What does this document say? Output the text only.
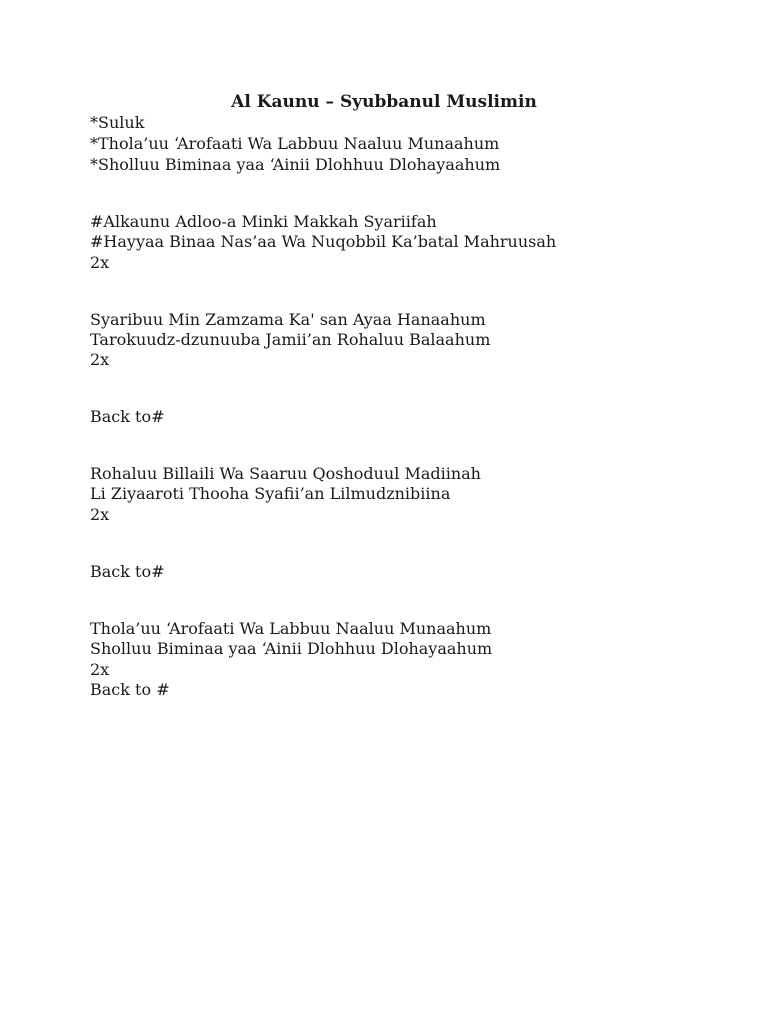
Al Kaunu – Syubbanul Muslimin

*Suluk

*Thola’uu ‘Arofaati Wa Labbuu Naaluu Munaahum

*Sholluu Biminaa yaa ‘Ainii Dlohhuu Dlohayaahum

#Alkaunu Adloo-a Minki Makkah Syariifah

#Hayyaa Binaa Nas’aa Wa Nuqobbil Ka’batal Mahruusah

2x

Syaribuu Min Zamzama Ka' san Ayaa Hanaahum

Tarokuudz-dzunuuba Jamii’an Rohaluu Balaahum

2x

Back to#

Rohaluu Billaili Wa Saaruu Qoshoduul Madiinah

Li Ziyaaroti Thooha Syafii’an Lilmudznibiina

2x

Back to#

Thola’uu ‘Arofaati Wa Labbuu Naaluu Munaahum

Sholluu Biminaa yaa ‘Ainii Dlohhuu Dlohayaahum

2x

Back to #
